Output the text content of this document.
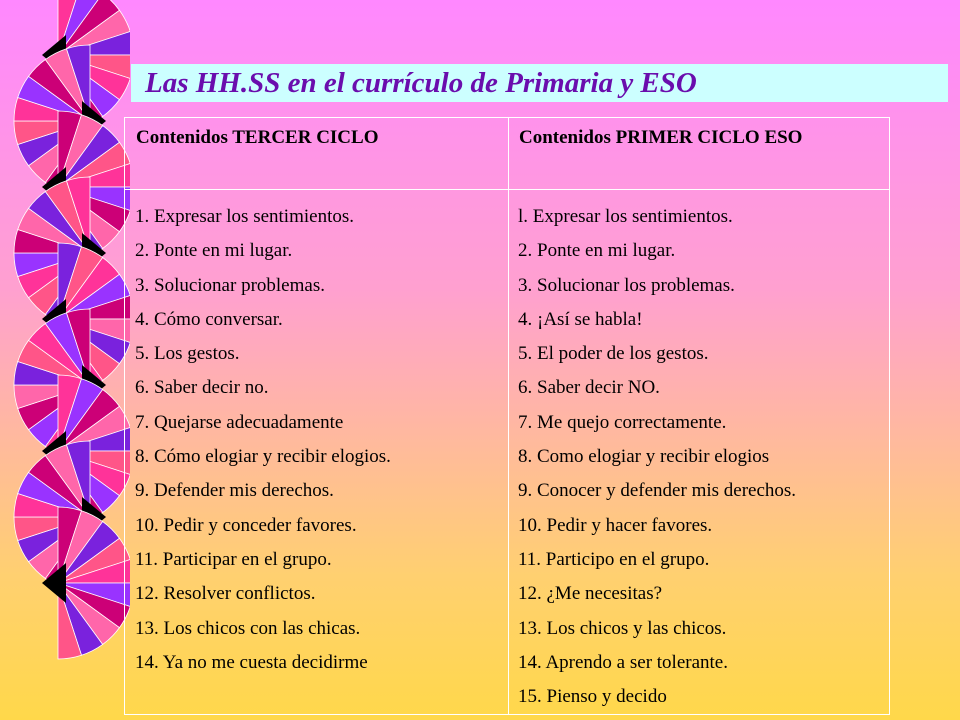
Las HH.SS en el currículo de Primaria y ESO
Contenidos TERCER CICLO
1. Expresar los sentimientos.
2. Ponte en mi lugar.
3. Solucionar problemas.
4. Cómo conversar.
5. Los gestos.
6. Saber decir no.
7. Quejarse adecuadamente
8. Cómo elogiar y recibir elogios.
9. Defender mis derechos.
10. Pedir y conceder favores.
11. Participar en el grupo.
12. Resolver conflictos.
13. Los chicos con las chicas.
14. Ya no me cuesta decidirme
Contenidos PRIMER CICLO ESO
l. Expresar los sentimientos.
2. Ponte en mi lugar.
3. Solucionar los problemas.
4. ¡Así se habla!
5. El poder de los gestos.
6. Saber decir NO.
7. Me quejo correctamente.
8. Como elogiar y recibir elogios
9. Conocer y defender mis derechos.
10. Pedir y hacer favores.
11. Participo en el grupo.
12. ¿Me necesitas?
13. Los chicos y las chicos.
14. Aprendo a ser tolerante.
15. Pienso y decido
